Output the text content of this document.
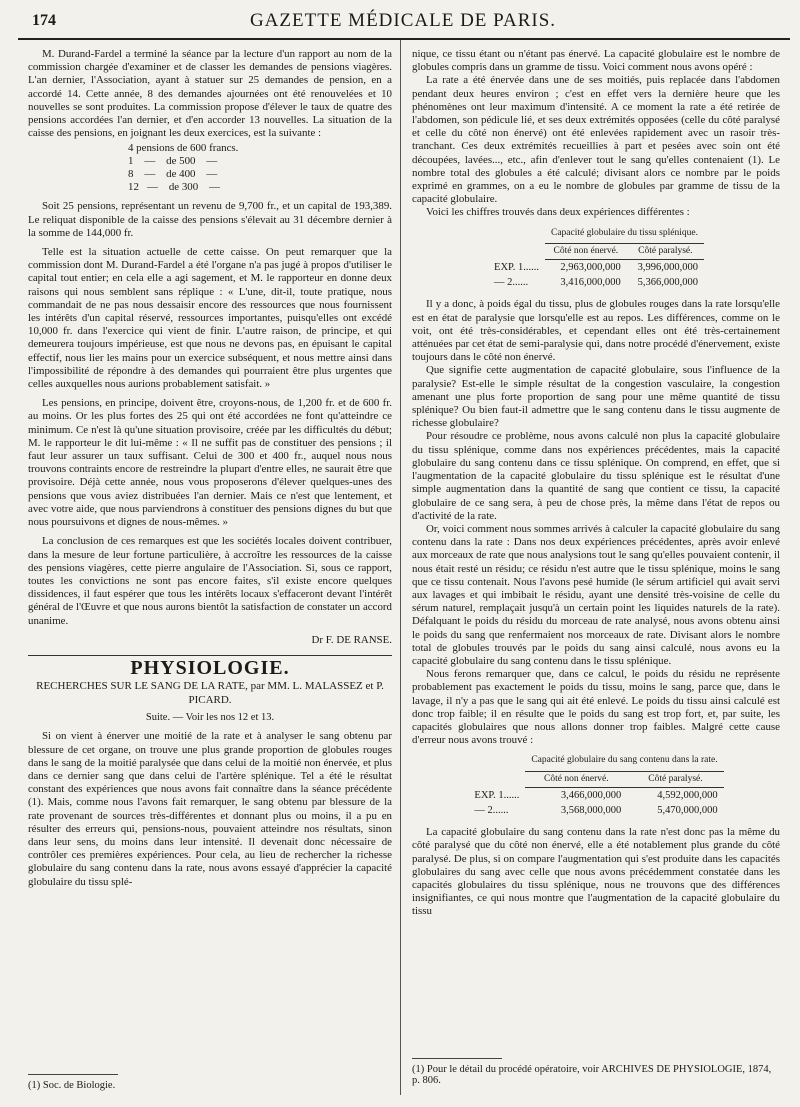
174	GAZETTE MÉDICALE DE PARIS.

M. Durand-Fardel a terminé la séance par la lecture d'un rapport au nom de la commission chargée d'examiner et de classer les demandes de pensions viagères. L'an dernier, l'Association, ayant à statuer sur 25 demandes de pension, en a accordé 14. Cette année, 8 des demandes ajournées ont été renouvelées et 10 nouvelles se sont produites. La commission propose d'élever le taux de quatre des pensions accordées l'an dernier, et d'en accorder 13 nouvelles. La situation de la caisse des pensions, en joignant les deux exercices, est la suivante :

4 pensions de 600 francs.
1    —    de 500    —
8    —    de 400    —
12   —    de 300    —

Soit 25 pensions, représentant un revenu de 9,700 fr., et un capital de 193,389. Le reliquat disponible de la caisse des pensions s'élevait au 31 décembre dernier à la somme de 144,000 fr.

Telle est la situation actuelle de cette caisse. On peut remarquer que la commission dont M. Durand-Fardel a été l'organe n'a pas jugé à propos d'utiliser le capital tout entier; en cela elle a agi sagement, et M. le rapporteur en donne deux raisons qui nous semblent sans réplique : « L'une, dit-il, toute pratique, nous commandait de ne pas nous dessaisir encore des ressources que nous fournissent les intérêts d'un capital réservé, ressources importantes, puisqu'elles ont excédé 10,000 fr. dans l'exercice qui vient de finir. L'autre raison, de principe, et qui demeurera toujours impérieuse, est que nous ne devons pas, en épuisant le capital effectif, nous lier les mains pour un exercice subséquent, et nous mettre ainsi dans l'impossibilité de répondre à des demandes qui pourraient être plus urgentes que celles auxquelles nous aurions probablement satisfait. »

Les pensions, en principe, doivent être, croyons-nous, de 1,200 fr. et de 600 fr. au moins. Or les plus fortes des 25 qui ont été accordées ne font qu'atteindre ce minimum. Ce n'est là qu'une situation provisoire, créée par les difficultés du début; M. le rapporteur le dit lui-même : « Il ne suffit pas de constituer des pensions ; il faut leur assurer un taux suffisant. Celui de 300 et 400 fr., auquel nous nous trouvons contraints encore de restreindre la plupart d'entre elles, ne saurait être que provisoire. Déjà cette année, nous vous proposerons d'élever quelques-unes des pensions que vous aviez distribuées l'an dernier. Mais ce n'est que lentement, et avec votre aide, que nous parviendrons à constituer des pensions dignes du but que nous poursuivons et dignes de nous-mêmes. »

La conclusion de ces remarques est que les sociétés locales doivent contribuer, dans la mesure de leur fortune particulière, à accroître les ressources de la caisse des pensions viagères, cette pierre angulaire de l'Association. Si, sous ce rapport, toutes les convictions ne sont pas encore faites, s'il existe encore quelques dissidences, il faut espérer que tous les intérêts locaux s'effaceront devant l'intérêt général de l'Œuvre et que nous aurons bientôt la satisfaction de constater un accord unanime.

Dr F. DE RANSE.
PHYSIOLOGIE.
RECHERCHES SUR LE SANG DE LA RATE, par MM. L. MALASSEZ et P. PICARD.
Suite. — Voir les nos 12 et 13.

Si on vient à énerver une moitié de la rate et à analyser le sang obtenu par blessure de cet organe, on trouve une plus grande proportion de globules rouges dans le sang de la moitié paralysée que dans celui de la moitié non énervée, et plus dans ce dernier sang que dans celui de l'artère splénique. Tel a été le résultat constant des expériences que nous avons fait connaître dans la séance précédente (1). Mais, comme nous l'avons fait remarquer, le sang obtenu par blessure de la rate provenant de sources très-différentes et donnant plus ou moins, il a pu en résulter des erreurs qui, pensions-nous, pouvaient atteindre nos résultats, sinon dans leur sens, du moins dans leur intensité. Il devenait donc nécessaire de contrôler ces premières expériences. Pour cela, au lieu de rechercher la richesse globulaire du sang contenu dans la rate, nous avons essayé d'apprécier la capacité globulaire du tissu splé-

(1) Soc. de Biologie.

nique, ce tissu étant ou n'étant pas énervé. La capacité globulaire est le nombre de globules compris dans un gramme de tissu. Voici comment nous avons opéré :

La rate a été énervée dans une de ses moitiés, puis replacée dans l'abdomen pendant deux heures environ ; c'est en effet vers la dernière heure que les phénomènes ont leur maximum d'intensité. A ce moment la rate a été retirée de l'abdomen, son pédicule lié, et ses deux extrémités opposées (celle du côté paralysé et celle du côté non énervé) ont été enlevées rapidement avec un rasoir très-tranchant. Ces deux extrémités recueillies à part et pesées avec soin ont été découpées, lavées..., etc., afin d'enlever tout le sang qu'elles contenaient (1). Le nombre total des globules a été calculé; divisant alors ce nombre par le poids exprimé en grammes, on a eu le nombre de globules par gramme de tissu de la capacité globulaire.

Voici les chiffres trouvés dans deux expériences différentes :

	Capacité globulaire du tissu splénique.	
	Côté non énervé.	Côté paralysé.
EXP. 1......	2,963,000,000	3,996,000,000
— 2......	3,416,000,000	5,366,000,000

Il y a donc, à poids égal du tissu, plus de globules rouges dans la rate lorsqu'elle est en état de paralysie que lorsqu'elle est au repos. Les différences, comme on le voit, ont été très-considérables, et cependant elles ont été très-certainement atténuées par cet état de semi-paralysie qui, dans notre procédé d'énervement, existe toujours dans le côté non énervé.

Que signifie cette augmentation de capacité globulaire, sous l'influence de la paralysie? Est-elle le simple résultat de la congestion vasculaire, la congestion amenant une plus forte proportion de sang pour une même quantité de tissu splénique? Ou bien faut-il admettre que le sang contenu dans le tissu augmente de richesse globulaire?

Pour résoudre ce problème, nous avons calculé non plus la capacité globulaire du tissu splénique, comme dans nos expériences précédentes, mais la capacité globulaire du sang contenu dans ce tissu splénique. On comprend, en effet, que si l'augmentation de la capacité globulaire du tissu splénique est le résultat d'une simple augmentation dans la quantité de sang que contient ce tissu, la capacité globulaire de ce sang sera, à peu de chose près, la même dans l'état de repos ou d'activité de la rate.

Or, voici comment nous sommes arrivés à calculer la capacité globulaire du sang contenu dans la rate : Dans nos deux expériences précédentes, après avoir enlevé aux morceaux de rate que nous analysions tout le sang qu'elles pouvaient contenir, il nous était resté un résidu; ce résidu n'est autre que le tissu splénique, moins le sang que ce tissu contenait. Nous l'avons pesé humide (le sérum artificiel qui avait servi aux lavages et qui imbibait le résidu, ayant une densité très-voisine de celle du sérum naturel, remplaçait jusqu'à un certain point les liquides naturels de la rate). Défalquant le poids du résidu du morceau de rate analysé, nous avons obtenu ainsi le poids du sang que renfermaient nos morceaux de rate. Divisant alors le nombre total de globules trouvés par le poids du sang ainsi calculé, nous avons eu la capacité globulaire du sang contenu dans le tissu splénique.

Nous ferons remarquer que, dans ce calcul, le poids du résidu ne représente probablement pas exactement le poids du tissu, moins le sang, parce que, dans le lavage, il n'y a pas que le sang qui ait été enlevé. Le poids du tissu ainsi calculé est donc trop faible; il en résulte que le poids du sang est trop fort, et, par suite, les capacités globulaires que nous allons donner trop faibles. Malgré cette cause d'erreur nous avons trouvé :

	Capacité globulaire du sang contenu dans la rate.	
	Côté non énervé.	Côté paralysé.
EXP. 1......	3,466,000,000	4,592,000,000
— 2......	3,568,000,000	5,470,000,000

La capacité globulaire du sang contenu dans la rate n'est donc pas la même du côté paralysé que du côté non énervé, elle a été notablement plus grande du côté paralysé. De plus, si on compare l'augmentation qui s'est produite dans les capacités globulaires du sang avec celle que nous avons précédemment constatée dans les capacités globulaires du tissu splénique, nous ne trouvons que des différences insignifiantes, ce qui nous montre que l'augmentation de la capacité globulaire du tissu

(1) Pour le détail du procédé opératoire, voir ARCHIVES DE PHYSIOLOGIE, 1874, p. 806.
